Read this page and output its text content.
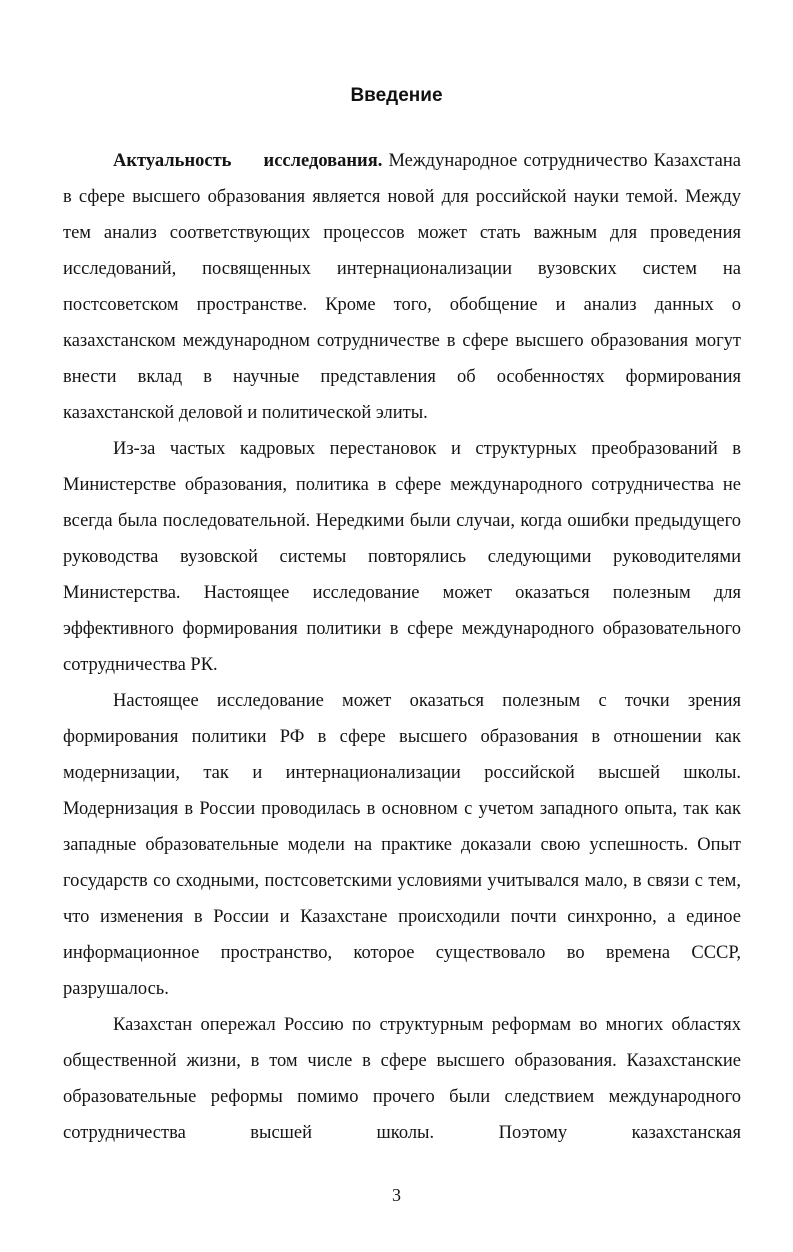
Введение

Актуальность исследования. Международное сотрудничество Казахстана в сфере высшего образования является новой для российской науки темой. Между тем анализ соответствующих процессов может стать важным для проведения исследований, посвященных интернационализации вузовских систем на постсоветском пространстве. Кроме того, обобщение и анализ данных о казахстанском международном сотрудничестве в сфере высшего образования могут внести вклад в научные представления об особенностях формирования казахстанской деловой и политической элиты.

Из-за частых кадровых перестановок и структурных преобразований в Министерстве образования, политика в сфере международного сотрудничества не всегда была последовательной. Нередкими были случаи, когда ошибки предыдущего руководства вузовской системы повторялись следующими руководителями Министерства. Настоящее исследование может оказаться полезным для эффективного формирования политики в сфере международного образовательного сотрудничества РК.

Настоящее исследование может оказаться полезным с точки зрения формирования политики РФ в сфере высшего образования в отношении как модернизации, так и интернационализации российской высшей школы. Модернизация в России проводилась в основном с учетом западного опыта, так как западные образовательные модели на практике доказали свою успешность. Опыт государств со сходными, постсоветскими условиями учитывался мало, в связи с тем, что изменения в России и Казахстане происходили почти синхронно, а единое информационное пространство, которое существовало во времена СССР, разрушалось.

Казахстан опережал Россию по структурным реформам во многих областях общественной жизни, в том числе в сфере высшего образования. Казахстанские образовательные реформы помимо прочего были следствием международного сотрудничества высшей школы. Поэтому казахстанская

3
